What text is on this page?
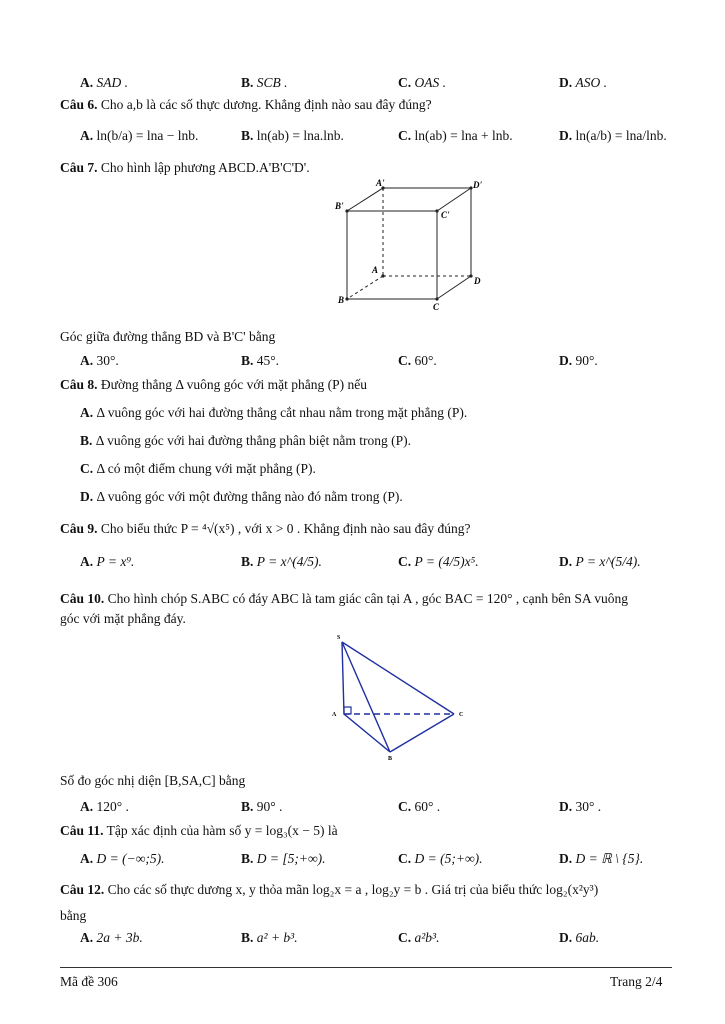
A. SAD .	B. SCB .	C. OAS .	D. ASO .
Câu 6. Cho a,b là các số thực dương. Khẳng định nào sau đây đúng?
A. ln(b/a) = lna − lnb.	B. ln(ab) = lna.lnb.	C. ln(ab) = lna + lnb.	D. ln(a/b) = lna/lnb.
Câu 7. Cho hình lập phương ABCD.A'B'C'D'.
A'	D'
B'
C'
A
D
B
C
Góc giữa đường thẳng BD và B'C' bằng
A. 30°.	B. 45°.	C. 60°.	D. 90°.
Câu 8. Đường thẳng Δ vuông góc với mặt phẳng (P) nếu
A. Δ vuông góc với hai đường thẳng cắt nhau nằm trong mặt phẳng (P).
B. Δ vuông góc với hai đường thẳng phân biệt nằm trong (P).
C. Δ có một điểm chung với mặt phẳng (P).
D. Δ vuông góc với một đường thẳng nào đó nằm trong (P).
Câu 9. Cho biểu thức P = ⁴√(x⁵) , với x > 0 . Khẳng định nào sau đây đúng?
A. P = x⁹.	B. P = x^(4/5).	C. P = (4/5)x⁵.	D. P = x^(5/4).
Câu 10. Cho hình chóp S.ABC có đáy ABC là tam giác cân tại A , góc BAC = 120° , cạnh bên SA vuông
góc với mặt phẳng đáy.
S
A	C
B
Số đo góc nhị diện [B,SA,C] bằng
A. 120° .	B. 90° .	C. 60° .	D. 30° .
Câu 11. Tập xác định của hàm số y = log₃(x − 5) là
A. D = (−∞;5).	B. D = [5;+∞).	C. D = (5;+∞).	D. D = ℝ \ {5}.
Câu 12. Cho các số thực dương x, y thỏa mãn log₂x = a , log₂y = b . Giá trị của biểu thức log₂(x²y³)
bằng
A. 2a + 3b.	B. a² + b³.	C. a²b³.	D. 6ab.
Mã đề 306	Trang 2/4
